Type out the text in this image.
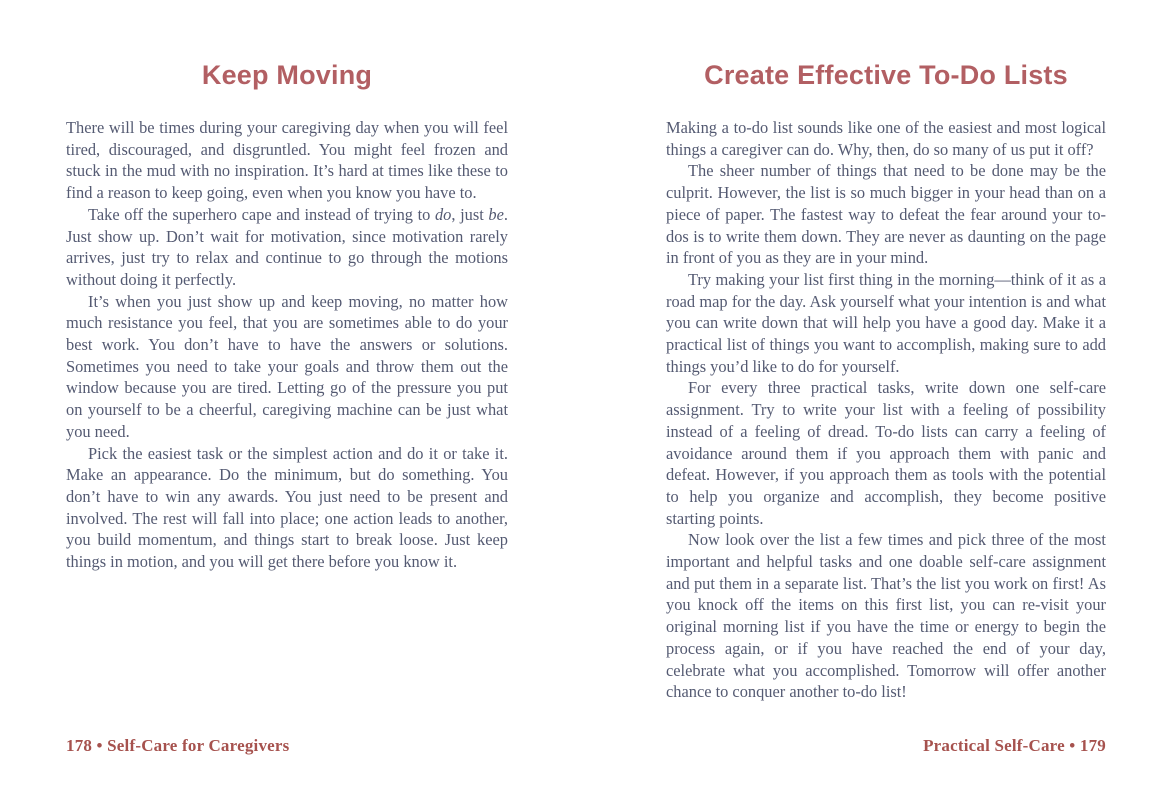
Keep Moving

There will be times during your caregiving day when you will feel tired, discouraged, and disgruntled. You might feel frozen and stuck in the mud with no inspiration. It’s hard at times like these to find a reason to keep going, even when you know you have to.

Take off the superhero cape and instead of trying to do, just be. Just show up. Don’t wait for motivation, since motivation rarely arrives, just try to relax and continue to go through the motions without doing it perfectly.

It’s when you just show up and keep moving, no matter how much resistance you feel, that you are sometimes able to do your best work. You don’t have to have the answers or solutions. Sometimes you need to take your goals and throw them out the window because you are tired. Letting go of the pressure you put on yourself to be a cheerful, caregiving machine can be just what you need.

Pick the easiest task or the simplest action and do it or take it. Make an appearance. Do the minimum, but do something. You don’t have to win any awards. You just need to be present and involved. The rest will fall into place; one action leads to another, you build momentum, and things start to break loose. Just keep things in motion, and you will get there before you know it.

178 • Self-Care for Caregivers
Create Effective To-Do Lists

Making a to-do list sounds like one of the easiest and most logical things a caregiver can do. Why, then, do so many of us put it off?

The sheer number of things that need to be done may be the culprit. However, the list is so much bigger in your head than on a piece of paper. The fastest way to defeat the fear around your to-dos is to write them down. They are never as daunting on the page in front of you as they are in your mind.

Try making your list first thing in the morning—think of it as a road map for the day. Ask yourself what your intention is and what you can write down that will help you have a good day. Make it a practical list of things you want to accomplish, making sure to add things you’d like to do for yourself.

For every three practical tasks, write down one self-care assignment. Try to write your list with a feeling of possibility instead of a feeling of dread. To-do lists can carry a feeling of avoidance around them if you approach them with panic and defeat. However, if you approach them as tools with the potential to help you organize and accomplish, they become positive starting points.

Now look over the list a few times and pick three of the most important and helpful tasks and one doable self-care assignment and put them in a separate list. That’s the list you work on first! As you knock off the items on this first list, you can re-visit your original morning list if you have the time or energy to begin the process again, or if you have reached the end of your day, celebrate what you accomplished. Tomorrow will offer another chance to conquer another to-do list!

Practical Self-Care • 179
